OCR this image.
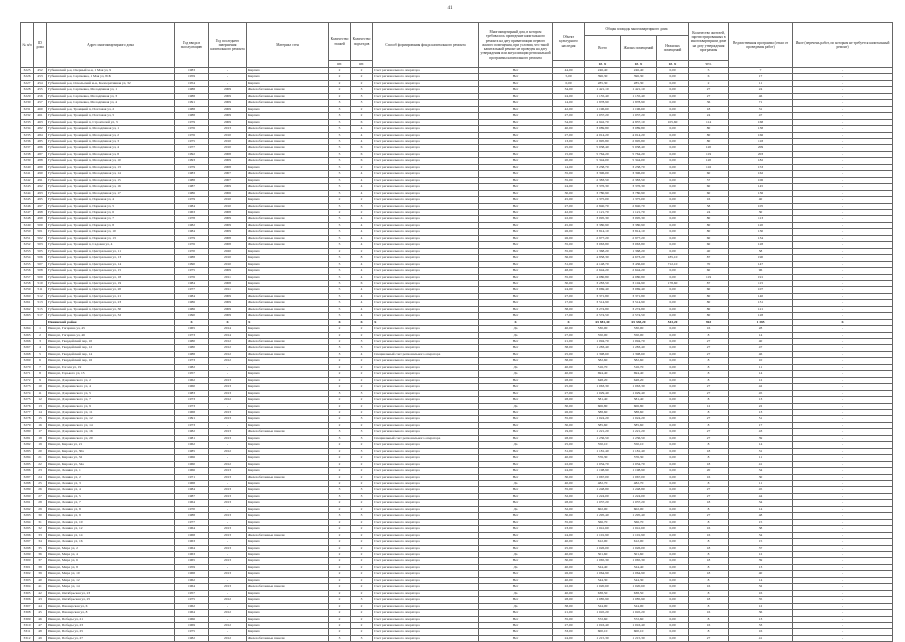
41
№ п/п	ID дома	Адрес многоквартирного дома	Год ввода в эксплуатацию	Год последнего завершения капитального ремонта	Материал стен	Количество этажей	Количество подъездов	Способ формирования фонда капитального ремонта	Многоквартирный дом, в котором требовалось проведение капитального ремонта на дату приватизации первого жилого помещения, при условии, что такой капитальный ремонт не проведен на дату утверждения или актуализации региональной программы капитального ремонта	Объект культурного наследия	Общая площадь многоквартирного дома			Количество жителей, зарегистрированных в многоквартирном доме на дату утверждения программы	Ведомственная программа (отказ от проведения работ)	Иное (перечень работ, по которым не требуется капитальный ремонт)
											Всего	Жилых помещений	Нежилых помещений			
						шт.	шт.				кв. м	кв. м	кв. м	чел.		
3225	452	Губкинский р-н, Озерный м-н, 1 Мая ул, 9	1983	-	Кирпич	2	2	Счет регионального оператора	Нет	44,00	246,40	246,40	0,00	5	7	-
3226	453	Губкинский р-н, Сергиевка, 1 Мая ул, 81Б	1959	-	Кирпич	2	2	Счет регионального оператора	Нет	5,00	396,30	396,30	0,00	6	17	-
3227	454	Губкинский р-н, Оскольский м-н, Кооперативная ул, 32	1954	-	Кирпич	2	2	Счет регионального оператора	Нет	0,00	285,30	285,30	0,00	2	11	-
3228	455	Губкинский р-н, Сергиевка, Молодёжная ул, 1	1988	2009	Железобетонные панели	2	3	Счет регионального оператора	Нет	34,00	1 421,10	1 421,10	0,00	27	24	-
3229	456	Губкинский р-н, Сергиевка, Молодёжная ул, 3	1988	2009	Железобетонные панели	2	3	Счет регионального оператора	Нет	24,00	1 155,40	1 155,40	0,00	27	46	-
3230	457	Губкинский р-н, Сергиевка, Молодёжная ул, 4	1991	2009	Железобетонные панели	3	3	Счет регионального оператора	Нет	14,00	1 878,90	1 878,90	0,00	36	71	-
3231	460	Губкинский р-н, Троицкий п, Почтовая ул, 2	1988	2009	Кирпич	3	2	Счет регионального оператора	Нет	42,00	1 196,60	1 196,60	0,00	18	31	-
3232	461	Губкинский р-н, Троицкий п, Почтовая ул, 5	1988	2009	Кирпич	3	2	Счет регионального оператора	Нет	27,00	1 037,20	1 037,20	0,00	24	47	-
3233	463	Губкинский р-н, Троицкий п, Строителей ул, 3	1979	2009	Кирпич	5	6	Счет регионального оператора	Нет	54,00	4 942,70	4 837,10	105,60	114	168	-
3234	482	Губкинский р-н, Троицкий п, Молодёжная ул, 1	1976	2013	Железобетонные панели	5	4	Счет регионального оператора	Нет	40,00	3 089,80	3 089,80	0,00	80	138	-
3235	484	Губкинский р-н, Троицкий п, Молодёжная ул, 2	1976	2010	Железобетонные панели	5	4	Счет регионального оператора	Нет	27,00	4 014,20	4 014,20	0,00	80	166	-
3236	485	Губкинский р-н, Троицкий п, Молодёжная ул, 3	1975	2010	Железобетонные панели	5	4	Счет регионального оператора	Нет	13,00	2 995,80	2 995,80	0,00	80	118	-
3237	486	Губкинский р-н, Троицкий п, Молодёжная ул, 4	1977	2010	Железобетонные панели	5	6	Счет регионального оператора	Нет	25,00	5 038,40	5 038,40	0,00	120	209	-
3238	487	Губкинский р-н, Троицкий п, Молодёжная ул, 8	1992	2008	Железобетонные панели	5	6	Счет регионального оператора	Нет	15,00	5 764,20	5 764,20	0,00	119	203	-
3239	488	Губкинский р-н, Троицкий п, Молодёжная ул, 10	1993	2009	Железобетонные панели	5	6	Счет регионального оператора	Нет	20,00	5 344,00	5 344,00	0,00	120	182	-
3240	489	Губкинский р-н, Троицкий п, Молодёжная ул, 13	1979	2008	Кирпич	5	2	Счет регионального оператора	Нет	14,00	3 238,70	3 238,70	0,00	116	153	-
3241	490	Губкинский р-н, Троицкий п, Молодёжная ул, 14	1983	2007	Железобетонные панели	5	4	Счет регионального оператора	Нет	35,00	3 396,00	3 396,00	0,00	60	162	-
3242	491	Губкинский р-н, Троицкий п, Молодёжная ул, 15	1988	2007	Кирпич	5	4	Счет регионального оператора	Нет	35,00	2 383,50	2 383,50	0,00	57	106	-
3243	492	Губкинский р-н, Троицкий п, Молодёжная ул, 16	1987	2009	Железобетонные панели	5	4	Счет регионального оператора	Нет	24,00	3 376,30	3 376,30	0,00	60	145	-
3244	493	Губкинский р-н, Троицкий п, Молодёжная ул, 17	1986	2006	Железобетонные панели	5	4	Счет регионального оператора	Нет	30,00	3 780,90	3 780,90	0,00	60	136	-
3245	495	Губкинский р-н, Троицкий п, Парковая ул, 4	1979	2010	Кирпич	2	2	Счет регионального оператора	Нет	45,00	1 375,00	1 375,00	0,00	16	40	-
3246	497	Губкинский р-н, Троицкий п, Парковая ул, 5	1984	2010	Железобетонные панели	5	3	Счет регионального оператора	Нет	27,00	2 840,70	2 840,70	0,00	58	105	-
3247	498	Губкинский р-н, Троицкий п, Парковая ул, 6	1963	2008	Кирпич	2	2	Счет регионального оператора	Нет	42,00	1 121,70	1 121,70	0,00	24	30	-
3248	499	Губкинский р-н, Троицкий п, Парковая ул, 7	1978	2009	Железобетонные панели	5	4	Счет регионального оператора	Нет	22,00	3 095,30	3 095,30	0,00	80	113	-
3249	500	Губкинский р-н, Троицкий п, Парковая ул, 8	1982	2009	Железобетонные панели	5	4	Счет регионального оператора	Нет	45,00	3 380,90	3 380,90	0,00	80	120	-
3250	501	Губкинский р-н, Троицкий п, Парковая ул, 10	1984	2009	Железобетонные панели	5	4	Счет регионального оператора	Нет	26,00	3 814,10	3 814,10	0,00	80	130	-
3251	502	Губкинский р-н, Троицкий п, Парковая ул, 13	1979	2008	Железобетонные панели	5	4	Счет регионального оператора	Нет	26,00	2 977,20	2 977,20	0,00	60	134	-
3252	503	Губкинский р-н, Троицкий п, Садовая ул, 4	1976	2008	Железобетонные панели	5	4	Счет регионального оператора	Нет	35,00	3 063,80	3 063,80	0,00	60	128	-
3253	505	Губкинский р-н, Троицкий п, Центральная ул, 11	1970	2020	Кирпич	2	2	Счет регионального оператора	Нет	35,00	1 368,20	1 368,20	0,00	40	58	-
3254	506	Губкинский р-н, Троицкий п, Центральная ул, 13	1988	2010	Кирпич	5	8	Счет регионального оператора	Нет	36,00	4 858,30	4 673,20	185,10	87	190	-
3255	507	Губкинский р-н, Троицкий п, Центральная ул, 14	1990	2010	Кирпич	5	4	Счет регионального оператора	Нет	31,00	4 148,70	3 436,60	712,10	70	147	-
3256	508	Губкинский р-н, Троицкий п, Центральная ул, 15	1975	2009	Кирпич	5	4	Счет регионального оператора	Нет	48,00	2 644,20	2 644,20	0,00	60	96	-
3257	509	Губкинский р-н, Троицкий п, Центральная ул, 18	1976	2011	Кирпич	5	4	Счет регионального оператора	Нет	35,00	4 080,80	4 080,80	0,00	119	191	-
3258	510	Губкинский р-н, Троицкий п, Центральная ул, 19	1984	2008	Кирпич	5	6	Счет регионального оператора	Нет	30,00	3 283,50	3 104,90	178,60	87	115	-
3259	511	Губкинский р-н, Троицкий п, Центральная ул, 20	1977	2011	Кирпич	5	4	Счет регионального оператора	Нет	24,00	3 069,40	3 069,40	0,00	60	107	-
3260	512	Губкинский р-н, Троицкий п, Центральная ул, 21	1984	2009	Железобетонные панели	5	4	Счет регионального оператора	Нет	27,00	3 371,80	3 371,80	0,00	80	140	-
3261	513	Губкинский р-н, Троицкий п, Центральная ул, 23	1986	2009	Железобетонные панели	5	4	Счет регионального оператора	Нет	17,00	3 514,90	3 514,90	0,00	80	131	-
3262	515	Губкинский р-н, Троицкий п, Центральная ул, 30	1986	2009	Железобетонные панели	5	4	Счет регионального оператора	Нет	38,00	3 274,80	3 274,80	0,00	80	121	-
3263	517	Губкинский р-н, Троицкий п, Центральная ул, 32	1990	2009	Железобетонные панели	5	4	Счет регионального оператора	Нет	17,00	2 574,50	2 574,50	0,00	80	128	-
		Ивнянский район	X	X	X	X	X	X	X	X	65 881,40	65 338,20	543,20	963	1 385	X
3264	1	Ивня рп, Гагарина ул, 45	1965	2014	Кирпич	2	2	Счет регионального оператора	Да	40,00	530,00	530,00	0,00	16	28	-
3265	2	Ивня рп, Гагарина ул, 46	1973	2014	Кирпич	2	2	Счет регионального оператора	Да	27,00	550,00	550,00	0,00	8	14	-
3266	3	Ивня рп, Гвардейский пер, 10	1980	2012	Железобетонные панели	2	3	Счет регионального оператора	Нет	21,00	1 094,70	1 094,70	0,00	27	40	-
3267	4	Ивня рп, Гвардейский пер, 12	1980	2012	Железобетонные панели	3	3	Счет регионального оператора	Нет	38,00	1 283,40	1 283,40	0,00	27	47	-
3268	5	Ивня рп, Гвардейский пер, 14	1988	2012	Железобетонные панели	3	4	Специальный счет регионального оператора	Нет	25,00	1 398,60	1 398,60	0,00	27	46	-
3269	6	Ивня рп, Гвардейский пер, 16	1973	2012	Кирпич	2	2	Счет регионального оператора	Нет	38,00	582,60	582,60	0,00	8	10	-
3270	7	Ивня рп, Гоголя ул, 19	1982	-	Кирпич	2	2	Счет регионального оператора	Да	40,00	516,70	516,70	0,00	8	11	-
3271	8	Ивня рп, Горького ул, 15	1957	-	Кирпич	2	2	Счет регионального оператора	Да	40,00	694,40	694,40	0,00	8	14	-
3272	9	Ивня рп, Дзержинского ул, 2	1962	2013	Кирпич	2	2	Счет регионального оператора	Нет	28,00	648,20	648,20	0,00	8	12	-
3273	10	Ивня рп, Дзержинского ул, 4	1960	2013	Кирпич	2	2	Счет регионального оператора	Нет	25,00	1 063,30	1 063,30	0,00	27	42	-
3274	11	Ивня рп, Дзержинского ул, 5	1983	2013	Кирпич	3	3	Счет регионального оператора	Нет	27,00	1 029,40	1 029,40	0,00	27	45	-
3275	12	Ивня рп, Дзержинского ул, 7	1973	2012	Кирпич	2	2	Счет регионального оператора	Нет	28,00	581,40	581,40	0,00	8	13	-
3276	13	Ивня рп, Дзержинского ул, 9	1973	-	Кирпич	2	2	Счет регионального оператора	Да	30,00	606,80	606,80	0,00	12	22	-
3277	14	Ивня рп, Дзержинского ул, 11	1968	2013	Кирпич	2	2	Счет регионального оператора	Нет	26,00	588,60	588,60	0,00	8	13	-
3278	15	Ивня рп, Дзержинского ул, 12	1991	2013	Кирпич	2	3	Счет регионального оператора	Нет	35,00	1 024,20	1 024,20	0,00	27	51	-
3279	16	Ивня рп, Дзержинского ул, 14	1973	-	Кирпич	2	2	Счет регионального оператора	Нет	30,00	585,60	585,60	0,00	8	17	-
3280	17	Ивня рп, Дзержинского ул, 16	1982	2013	Железобетонные панели	3	3	Счет регионального оператора	Нет	19,00	1 221,20	1 221,20	0,00	27	43	-
3281	18	Ивня рп, Дзержинского ул, 20	1981	2013	Кирпич	3	3	Специальный счет регионального оператора	Нет	28,00	1 236,50	1 236,50	0,00	27	39	-
3282	19	Ивня рп, Кирова ул, 21	1962	-	Кирпич	2	2	Счет регионального оператора	Да	25,00	550,10	550,10	0,00	8	14	-
3283	20	Ивня рп, Кирова ул, 30а	1985	2012	Кирпич	2	3	Счет регионального оператора	Нет	31,00	1 181,40	1 181,40	0,00	18	31	-
3284	21	Ивня рп, Кирова ул, 32	1966	-	Кирпич	2	2	Счет регионального оператора	Нет	40,00	576,30	576,30	0,00	8	11	-
3285	22	Ивня рп, Кирова ул, 34а	1960	2012	Кирпич	2	2	Счет регионального оператора	Нет	22,00	1 034,70	1 034,70	0,00	18	41	-
3286	23	Ивня рп, Ленина ул, 1	1966	2013	Кирпич	2	2	Счет регионального оператора	Нет	24,00	1 198,90	1 198,90	0,00	20	34	-
3287	24	Ивня рп, Ленина ул, 2	1971	2013	Железобетонные панели	2	2	Счет регионального оператора	Нет	30,00	1 067,00	1 067,00	0,00	16	30	-
3288	25	Ивня рп, Ленина ул, 3	1968	-	Кирпич	2	2	Счет регионального оператора	Да	40,00	482,70	482,70	0,00	8	11	-
3289	26	Ивня рп, Ленина ул, 4	1984	2013	Кирпич	3	3	Счет регионального оператора	Нет	35,00	1 248,80	1 248,80	0,00	27	45	-
3290	27	Ивня рп, Ленина ул, 5	1987	2013	Кирпич	3	3	Счет регионального оператора	Нет	32,00	1 224,00	1 224,00	0,00	27	44	-
3291	28	Ивня рп, Ленина ул, 7	1964	2013	Кирпич	2	2	Счет регионального оператора	Нет	28,00	1 037,20	1 037,20	0,00	18	34	-
3292	29	Ивня рп, Ленина ул, 8	1970	-	Кирпич	2	2	Счет регионального оператора	Да	32,00	602,00	602,00	0,00	8	14	-
3293	30	Ивня рп, Ленина ул, 9	1988	2013	Кирпич	3	3	Счет регионального оператора	Нет	30,00	1 295,40	1 295,40	0,00	27	48	-
3294	31	Ивня рп, Ленина ул, 10	1977	-	Кирпич	2	2	Счет регионального оператора	Нет	35,00	566,70	566,70	0,00	8	15	-
3295	32	Ивня рп, Ленина ул, 12	1964	2013	Кирпич	2	2	Счет регионального оператора	Нет	23,00	1 041,60	1 041,60	0,00	16	38	-
3296	33	Ивня рп, Ленина ул, 14	1968	2013	Железобетонные панели	2	2	Счет регионального оператора	Нет	24,00	1 101,90	1 101,90	0,00	16	34	-
3297	34	Ивня рп, Ленина ул, 16	1963	-	Кирпич	2	2	Счет регионального оператора	Нет	40,00	612,00	612,00	0,00	8	15	-
3298	35	Ивня рп, Мира ул, 2	1964	2013	Кирпич	2	2	Счет регионального оператора	Нет	25,00	1 026,00	1 026,00	0,00	18	37	-
3299	36	Ивня рп, Мира ул, 4	1963	-	Кирпич	2	2	Счет регионального оператора	Да	40,00	501,60	501,60	0,00	8	12	-
3300	37	Ивня рп, Мира ул, 6	1965	2013	Кирпич	2	2	Счет регионального оператора	Нет	30,00	1 065,30	1 065,30	0,00	18	39	-
3301	38	Ивня рп, Мира ул, 8	1959	-	Кирпич	2	2	Счет регионального оператора	Да	40,00	524,40	524,40	0,00	8	13	-
3302	39	Ивня рп, Мира ул, 10	1968	2013	Кирпич	2	2	Счет регионального оператора	Нет	26,00	1 064,90	1 064,90	0,00	18	40	-
3303	40	Ивня рп, Мира ул, 12	1962	-	Кирпич	2	2	Счет регионального оператора	Нет	40,00	544,30	544,30	0,00	8	14	-
3304	41	Ивня рп, Мира ул, 14	1964	2013	Железобетонные панели	2	2	Счет регионального оператора	Нет	22,00	1 020,60	1 020,60	0,00	16	32	-
3305	42	Ивня рп, Октябрьская ул, 23	1957	-	Кирпич	2	2	Счет регионального оператора	Да	40,00	638,50	638,50	0,00	8	16	-
3306	43	Ивня рп, Октябрьская ул, 25	1975	2012	Кирпич	2	3	Счет регионального оператора	Нет	28,00	1 085,90	1 085,90	0,00	18	35	-
3307	44	Ивня рп, Пионерская ул, 6	1962	-	Кирпич	2	2	Счет регионального оператора	Да	38,00	524,00	524,00	0,00	8	12	-
3308	45	Ивня рп, Пионерская ул, 8	1964	2012	Кирпич	2	2	Счет регионального оператора	Нет	21,00	1 045,20	1 045,20	0,00	16	36	-
3309	46	Ивня рп, Победы ул, 21	1966	-	Кирпич	2	2	Счет регионального оператора	Нет	35,00	572,60	572,60	0,00	8	13	-
3310	47	Ивня рп, Победы ул, 23	1969	2012	Кирпич	2	2	Счет регионального оператора	Нет	27,00	1 016,40	1 016,40	0,00	16	33	-
3311	48	Ивня рп, Победы ул, 25	1975	-	Кирпич	2	2	Счет регионального оператора	Нет	33,00	600,10	600,10	0,00	8	16	-
3312	49	Ивня рп, Победы ул, 27	1982	2012	Железобетонные панели	3	3	Счет регионального оператора	Нет	24,00	1 215,30	1 215,30	0,00	27	41	-
